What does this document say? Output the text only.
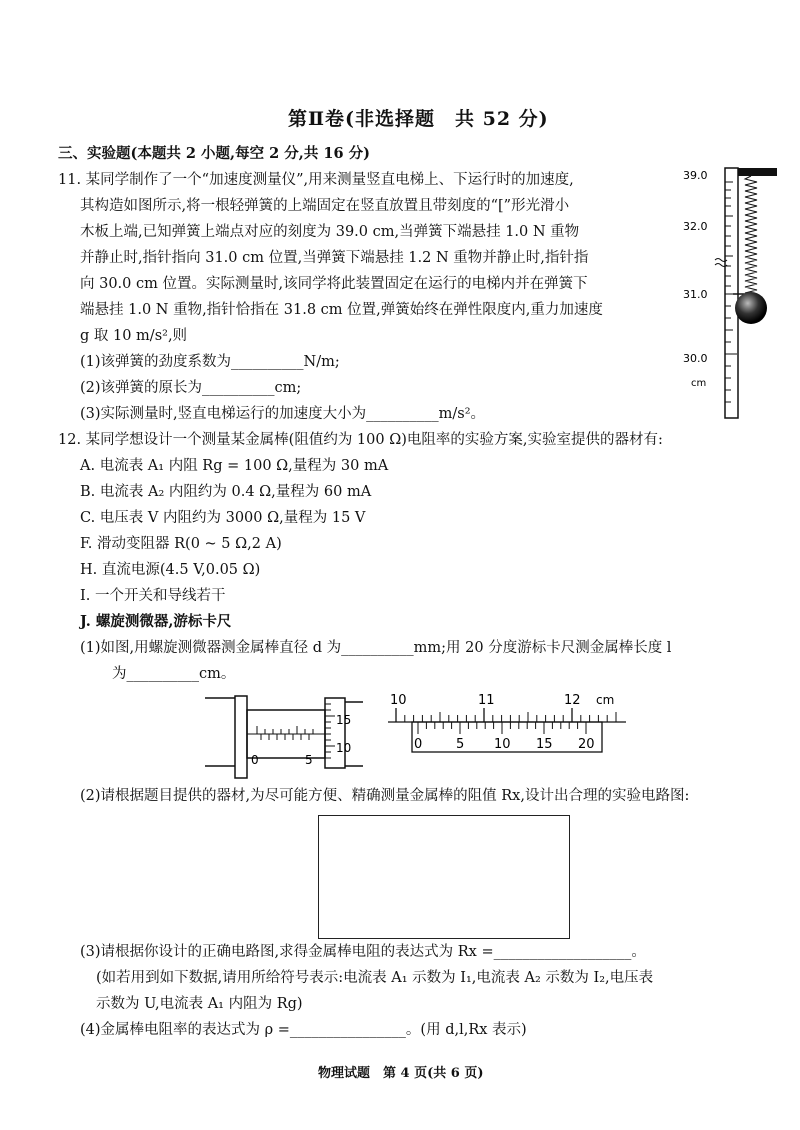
第Ⅱ卷(非选择题　共 52 分)
三、实验题(本题共 2 小题,每空 2 分,共 16 分)
11. 某同学制作了一个“加速度测量仪”,用来测量竖直电梯上、下运行时的加速度,
其构造如图所示,将一根轻弹簧的上端固定在竖直放置且带刻度的“[”形光滑小
木板上端,已知弹簧上端点对应的刻度为 39.0 cm,当弹簧下端悬挂 1.0 N 重物
并静止时,指针指向 31.0 cm 位置,当弹簧下端悬挂 1.2 N 重物并静止时,指针指
向 30.0 cm 位置。实际测量时,该同学将此装置固定在运行的电梯内并在弹簧下
端悬挂 1.0 N 重物,指针恰指在 31.8 cm 位置,弹簧始终在弹性限度内,重力加速度
g 取 10 m/s²,则
(1)该弹簧的劲度系数为__________N/m;
(2)该弹簧的原长为__________cm;
(3)实际测量时,竖直电梯运行的加速度大小为__________m/s²。
39.0
32.0
31.0
30.0
cm
12. 某同学想设计一个测量某金属棒(阻值约为 100 Ω)电阻率的实验方案,实验室提供的器材有:
A. 电流表 A₁ 内阻 Rg = 100 Ω,量程为 30 mA
B. 电流表 A₂ 内阻约为 0.4 Ω,量程为 60 mA
C. 电压表 V 内阻约为 3000 Ω,量程为 15 V
F. 滑动变阻器 R(0 ~ 5 Ω,2 A)
H. 直流电源(4.5 V,0.05 Ω)
I. 一个开关和导线若干
J. 螺旋测微器,游标卡尺
(1)如图,用螺旋测微器测金属棒直径 d 为__________mm;用 20 分度游标卡尺测金属棒长度 l
为__________cm。
15
10
0	5
10	11	12 cm
0	5 10 15 20
(2)请根据题目提供的器材,为尽可能方便、精确测量金属棒的阻值 Rx,设计出合理的实验电路图:
(3)请根据你设计的正确电路图,求得金属棒电阻的表达式为 Rx =___________________。
(如若用到如下数据,请用所给符号表示:电流表 A₁ 示数为 I₁,电流表 A₂ 示数为 I₂,电压表
示数为 U,电流表 A₁ 内阻为 Rg)
(4)金属棒电阻率的表达式为 ρ =________________。(用 d,l,Rx 表示)
物理试题　第 4 页(共 6 页)
